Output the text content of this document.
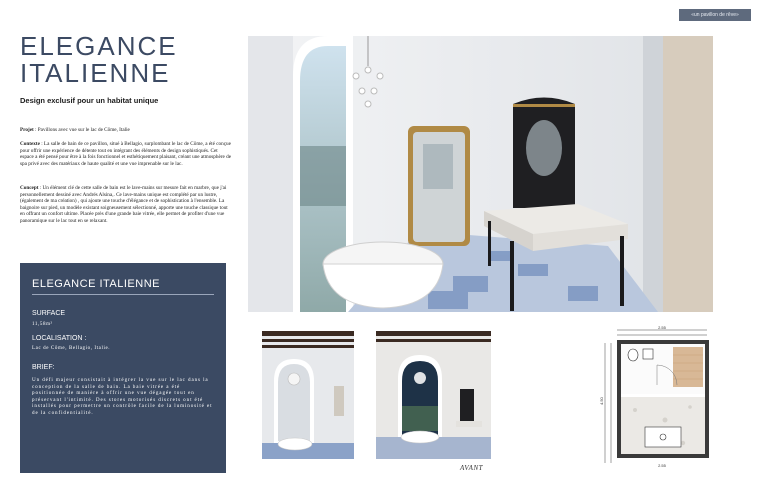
«un pavillon de rêve»
ELEGANCE
ITALIENNE
Design exclusif pour un habitat unique

Projet : Pavillons avec vue sur le lac de Côme, Italie

Contexte : La salle de bain de ce pavillon, situé à Bellagio, surplombant le lac de Côme, a été conçue pour offrir une expérience de détente tout en intégrant des éléments de design sophistiqués. Cet espace a été pensé pour être à la fois fonctionnel et esthétiquement plaisant, créant une atmosphère de spa privé avec des matériaux de haute qualité et une vue imprenable sur le lac.

Concept : Un élément clé de cette salle de bain est le lave-mains sur mesure fait en marbre, que j'ai personnellement dessiné avec Andrés Alsina,. Ce lave-mains unique est complété par un lustre, (également de ma création) , qui ajoute une touche d'élégance et de sophistication à l'ensemble. La baignoire sur pied, un modèle existant soigneusement sélectionné, apporte une touche classique tout en offrant un confort ultime. Placée près d'une grande baie vitrée, elle permet de profiter d'une vue panoramique sur le lac tout en se relaxant.

ELEGANCE ITALIENNE
SURFACE
11,58m²
LOCALISATION :
Lac de Côme, Bellagio, Italie.
BRIEF:

Un défi majeur consistait à intégrer la vue sur le lac dans la conception de la salle de bain. La baie vitrée a été positionnée de manière à offrir une vue dégagée tout en préservant l'intimité. Des stores motorisés discrets ont été installés pour permettre un contrôle facile de la luminosité et de la confidentialité.

AVANT
2.55
2.55
4.50
